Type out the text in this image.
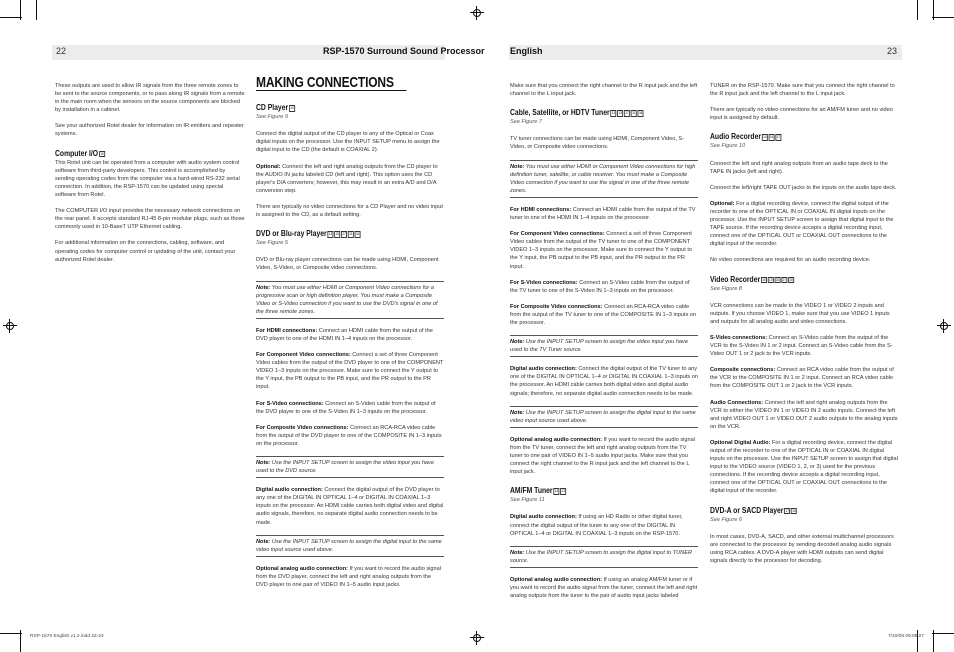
22	RSP-1570 Surround Sound Processor	English	23

These outputs are used to allow IR signals from the three remote zones to be sent to the source components, or to pass along IR signals from a remote in the main room when the sensors on the source components are blocked by installation in a cabinet.

See your authorized Rotel dealer for information on IR emitters and repeater systems.

Computer I/O 19

This Rotel unit can be operated from a computer with audio system control software from third-party developers. This control is accomplished by sending operating codes from the computer via a hard-wired RS-232 serial connection. In addition, the RSP-1570 can be updated using special software from Rotel.

The COMPUTER I/O input provides the necessary network connections on the rear panel. It accepts standard RJ-45 8-pin modular plugs, such as those commonly used in 10-BaseT UTP Ethernet cabling.

For additional information on the connections, cabling, software, and operating codes for computer control or updating of the unit, contact your authorized Rotel dealer.

MAKING CONNECTIONS
CD Player 10
See Figure 9

Connect the digital output of the CD player to any of the Optical or Coax digital inputs on the processor. Use the INPUT SETUP menu to assign the digital input to the CD (the default is COAXIAL 2).

Optional: Connect the left and right analog outputs from the CD player to the AUDIO IN jacks labeled CD (left and right). This option uses the CD player's D/A converters; however, this may result in an extra A/D and D/A conversion step.

There are typically no video connections for a CD Player and no video input is assigned to the CD, as a default setting.

DVD or Blu-ray Player 13 15 27 31 34
See Figure 5

DVD or Blu-ray player connections can be made using HDMI, Component Video, S-Video, or Composite video connections.

Note: You must use either HDMI or Component Video connections for a progressive scan or high definition player. You must make a Composite Video or S-Video connection if you want to use the DVD's signal in one of the three remote zones.

For HDMI connections: Connect an HDMI cable from the output of the DVD player to one of the HDMI IN 1–4 inputs on the processor.

For Component Video connections: Connect a set of three Component Video cables from the output of the DVD player to one of the COMPONENT VIDEO 1–3 inputs on the processor. Make sure to connect the Y output to the Y input, the PB output to the PB input, and the PR output to the PR input.

For S-Video connections: Connect an S-Video cable from the output of the DVD player to one of the S-Video IN 1–3 inputs on the processor.

For Composite Video connections: Connect an RCA-RCA video cable from the output of the DVD player to one of the COMPOSITE IN 1–3 inputs on the processor.

Note: Use the INPUT SETUP screen to assign the video input you have used to the DVD source.

Digital audio connection: Connect the digital output of the DVD player to any one of the DIGITAL IN OPTICAL 1–4 or DIGITAL IN COAXIAL 1–3 inputs on the processor. An HDMI cable carries both digital video and digital audio signals, therefore, no separate digital audio connection needs to be made.

Note: Use the INPUT SETUP screen to assign the digital input to the same video input source used above.

Optional analog audio connection: If you want to record the audio signal from the DVD player, connect the left and right analog outputs from the DVD player to one pair of VIDEO IN 1–5 audio input jacks.

Make sure that you connect the right channel to the R input jack and the left channel to the L input jack.

Cable, Satellite, or HDTV Tuner 13 15 27 31 34
See Figure 7

TV tuner connections can be made using HDMI, Component Video, S-Video, or Composite video connections.

Note: You must use either HDMI or Component Video connections for high definition tuner, satellite, or cable receiver. You must make a Composite Video connection if you want to use the signal in one of the three remote zones.

For HDMI connections: Connect an HDMI cable from the output of the TV tuner to one of the HDMI IN 1–4 inputs on the processor.

For Component Video connections: Connect a set of three Component Video cables from the output of the TV tuner to one of the COMPONENT VIDEO 1–3 inputs on the processor. Make sure to connect the Y output to the Y input, the PB output to the PB input, and the PR output to the PR input.

For S-Video connections: Connect an S-Video cable from the output of the TV tuner to one of the S-Video IN 1–3 inputs on the processor.

For Composite Video connections: Connect an RCA-RCA video cable from the output of the TV tuner to one of the COMPOSITE IN 1–3 inputs on the processor.

Note: Use the INPUT SETUP screen to assign the video input you have used to the TV Tuner source.

Digital audio connection: Connect the digital output of the TV tuner to any one of the DIGITAL IN OPTICAL 1–4 or DIGITAL IN COAXIAL 1–3 inputs on the processor. An HDMI cable carries both digital video and digital audio signals; therefore, no separate digital audio connection needs to be made.

Note: Use the INPUT SETUP screen to assign the digital input to the same video input source used above.

Optional analog audio connection: If you want to record the audio signal from the TV tuner, connect the left and right analog outputs from the TV tuner to one pair of VIDEO IN 1–5 audio input jacks. Make sure that you connect the right channel to the R input jack and the left channel to the L input jack.

AM/FM Tuner 14 23
See Figure 11

Digital audio connection: If using an HD Radio or other digital tuner, connect the digital output of the tuner to any one of the DIGITAL IN OPTICAL 1–4 or DIGITAL IN COAXIAL 1–3 inputs on the RSP-1570.

Note: Use the INPUT SETUP screen to assign the digital input to TUNER source.

Optional analog audio connection: If using an analog AM/FM tuner or if you want to record the audio signal from the tuner, connect the left and right analog outputs from the tuner to the pair of audio input jacks labeled

TUNER on the RSP-1570. Make sure that you connect the right channel to the R input jack and the left channel to the L input jack.

There are typically no video connections for an AM/FM tuner and no video input is assigned by default.

Audio Recorder 14 16 17
See Figure 10

Connect the left and right analog outputs from an audio tape deck to the TAPE IN jacks (left and right).

Connect the left/right TAPE OUT jacks to the inputs on the audio tape deck.

Optional: For a digital recording device, connect the digital output of the recorder to one of the OPTICAL IN or COAXIAL IN digital inputs on the processor. Use the INPUT SETUP screen to assign that digital input to the TAPE source. If the recording device accepts a digital recording input, connect one of the OPTICAL OUT or COAXIAL OUT connections to the digital input of the recorder.

No video connections are required for an audio recording device.

Video Recorder 15 19 20 27 28
See Figure 8

VCR connections can be made to the VIDEO 1 or VIDEO 2 inputs and outputs. If you choose VIDEO 1, make sure that you use VIDEO 1 inputs and outputs for all analog audio and video connections.

S-Video connections: Connect an S-Video cable from the output of the VCR to the S-Video IN 1 or 2 input. Connect an S-Video cable from the S-Video OUT 1 or 2 jack to the VCR inputs.

Composite connections: Connect an RCA video cable from the output of the VCR to the COMPOSITE IN 1 or 2 input. Connect an RCA video cable from the COMPOSITE OUT 1 or 2 jack to the VCR inputs.

Audio Connections: Connect the left and right analog outputs from the VCR to either the VIDEO IN 1 or VIDEO IN 2 audio inputs. Connect the left and right VIDEO OUT 1 or VIDEO OUT 2 audio outputs to the analog inputs on the VCR.

Optional Digital Audio: For a digital recording device, connect the digital output of the recorder to one of the OPTICAL IN or COAXIAL IN digital inputs on the processor. Use the INPUT SETUP screen to assign that digital input to the VIDEO source (VIDEO 1, 2, or 3) used for the previous connections. If the recording device accepts a digital recording input, connect one of the OPTICAL OUT or COAXIAL OUT connections to the digital input of the recorder.

DVD-A or SACD Player 17 34
See Figure 6

In most cases, DVD-A, SACD, and other external multichannel processors are connected to the processor by sending decoded analog audio signals using RCA cables. A DVD-A player with HDMI outputs can send digital signals directly to the processor for decoding.

RSP-1570 English v1.2.indd 22-23	7/10/08 09:05:27
